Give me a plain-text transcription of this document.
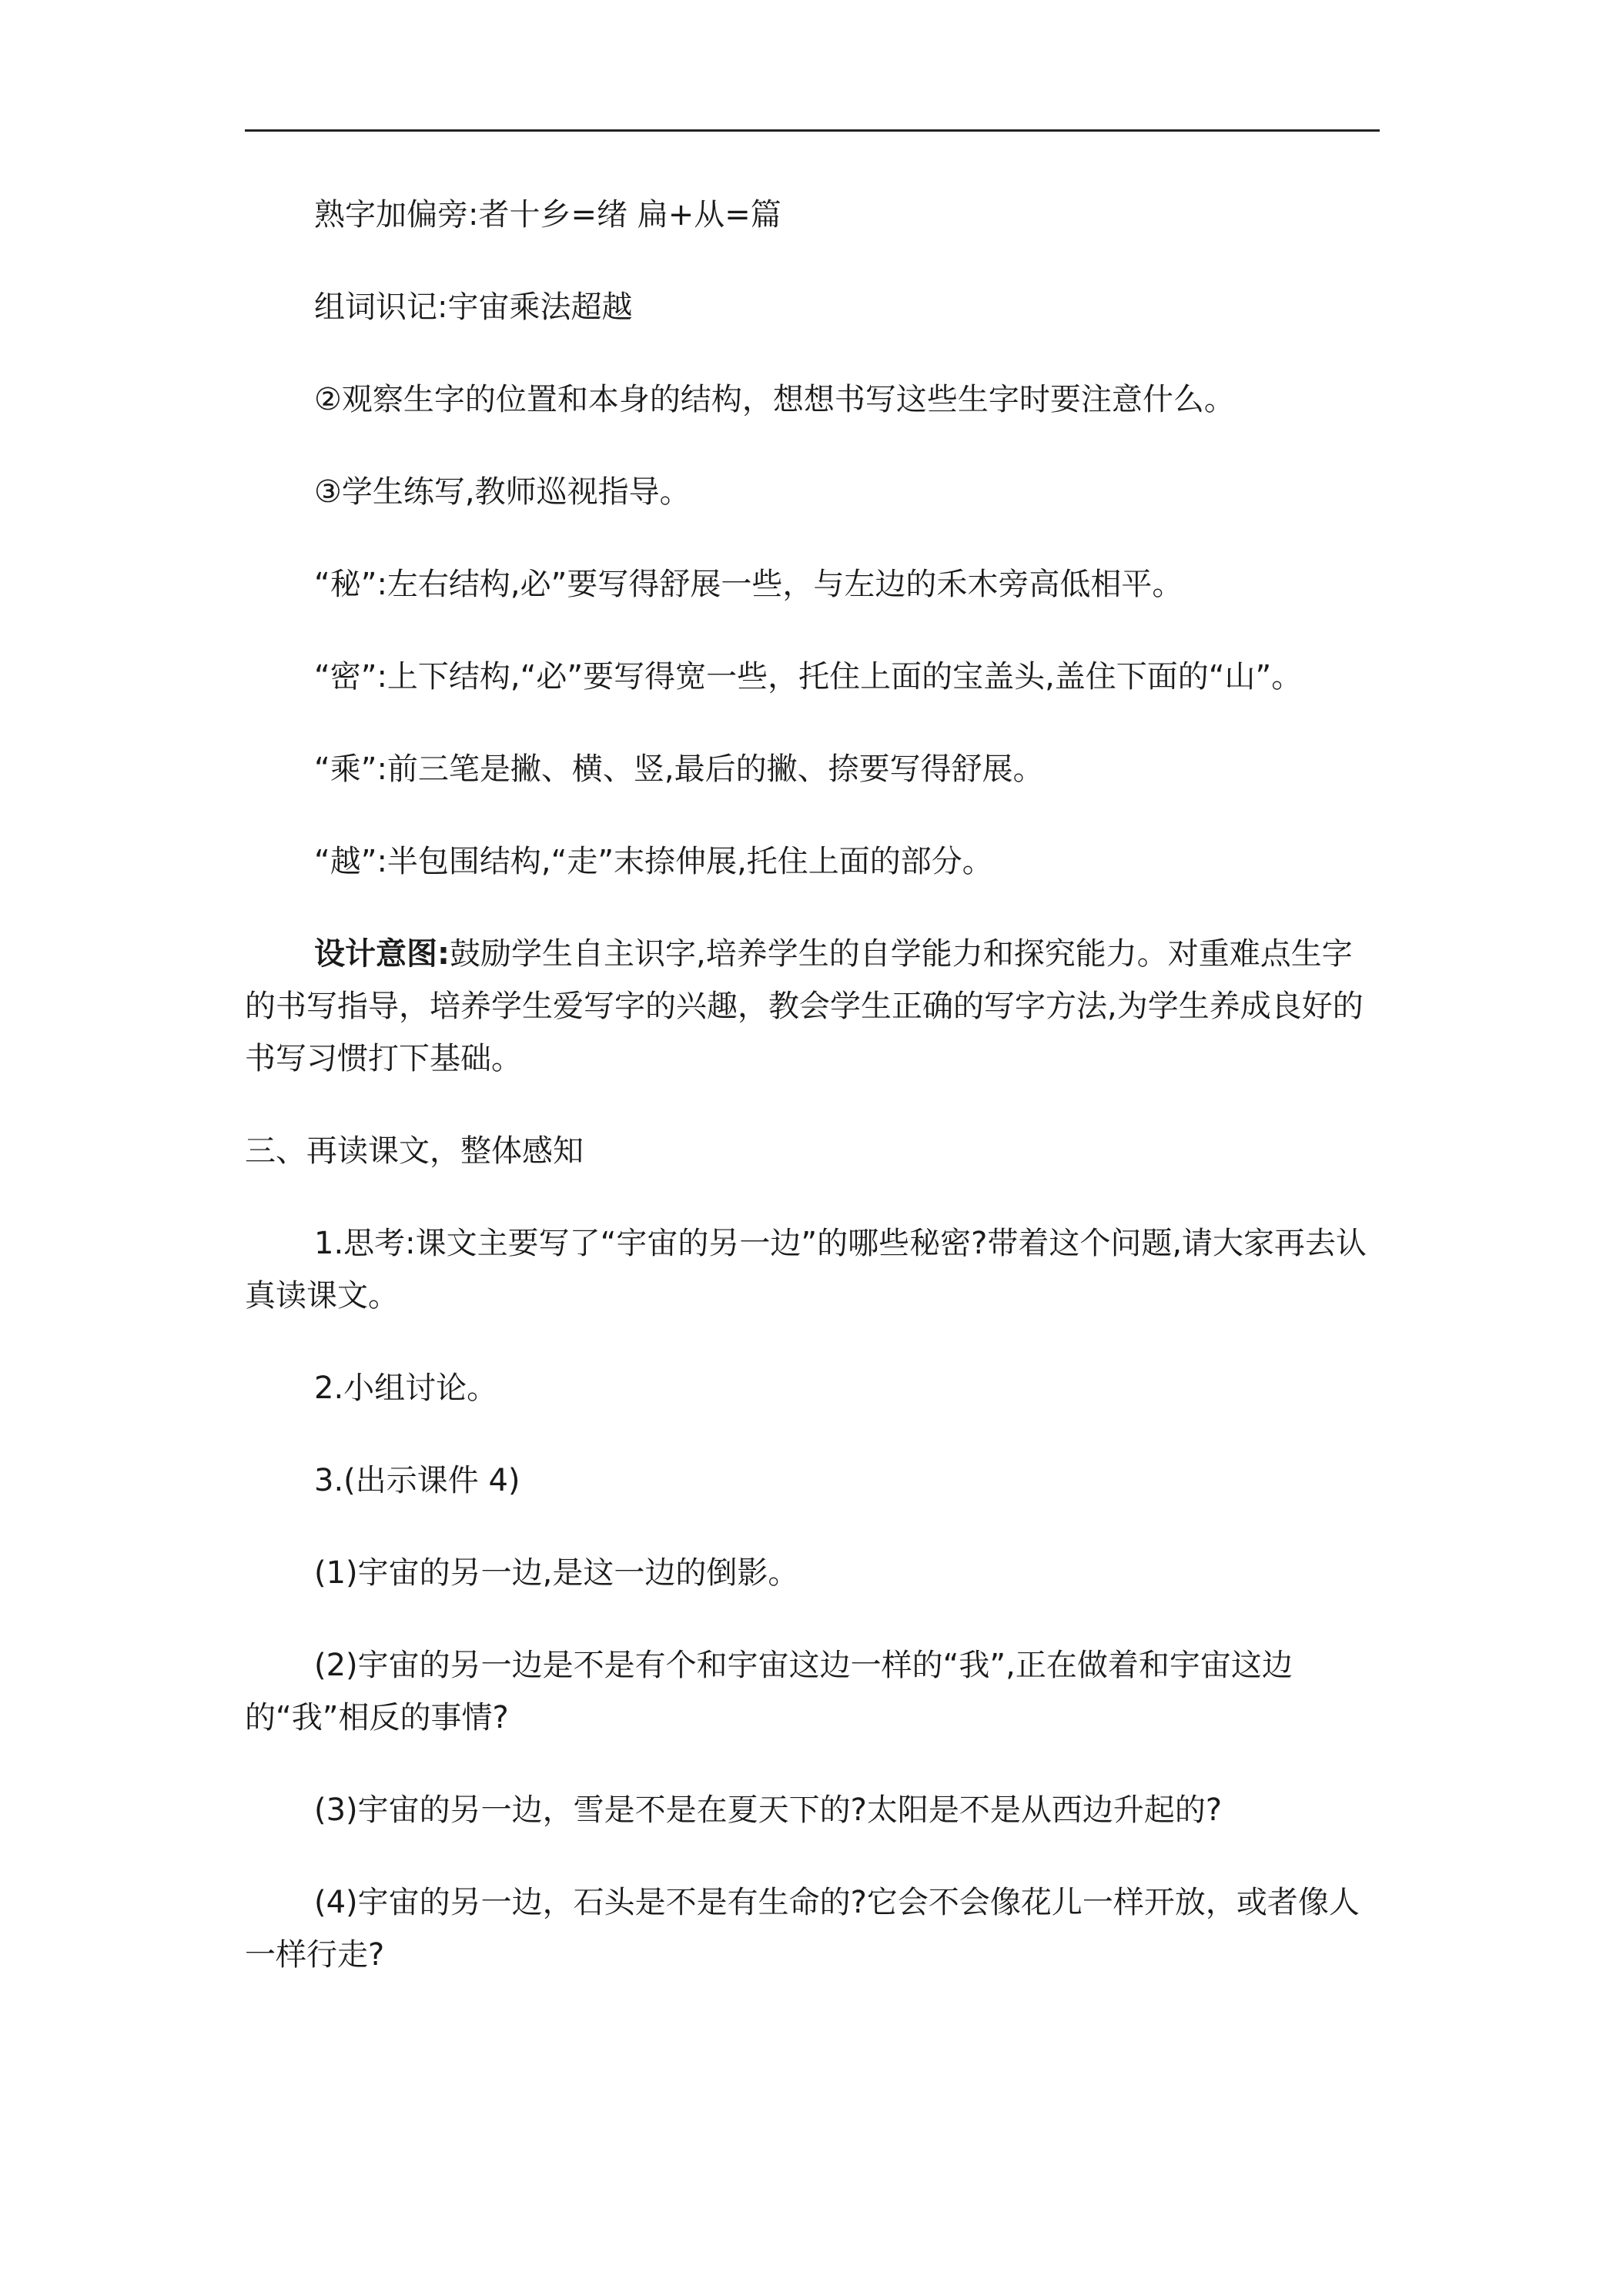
熟字加偏旁:者十乡=绪 扁+从=篇

组词识记:宇宙乘法超越

②观察生字的位置和本身的结构，想想书写这些生字时要注意什么。

③学生练写,教师巡视指导。

“秘”:左右结构,必”要写得舒展一些，与左边的禾木旁高低相平。

“密”:上下结构,“必”要写得宽一些，托住上面的宝盖头,盖住下面的“山”。

“乘”:前三笔是撇、横、竖,最后的撇、捺要写得舒展。

“越”:半包围结构,“走”末捺伸展,托住上面的部分。

设计意图:鼓励学生自主识字,培养学生的自学能力和探究能力。对重难点生字的书写指导，培养学生爱写字的兴趣，教会学生正确的写字方法,为学生养成良好的书写习惯打下基础。

三、再读课文，整体感知

1.思考:课文主要写了“宇宙的另一边”的哪些秘密?带着这个问题,请大家再去认真读课文。

2.小组讨论。

3.(出示课件 4)

(1)宇宙的另一边,是这一边的倒影。

(2)宇宙的另一边是不是有个和宇宙这边一样的“我”,正在做着和宇宙这边的“我”相反的事情?

(3)宇宙的另一边，雪是不是在夏天下的?太阳是不是从西边升起的?

(4)宇宙的另一边，石头是不是有生命的?它会不会像花儿一样开放，或者像人一样行走?
